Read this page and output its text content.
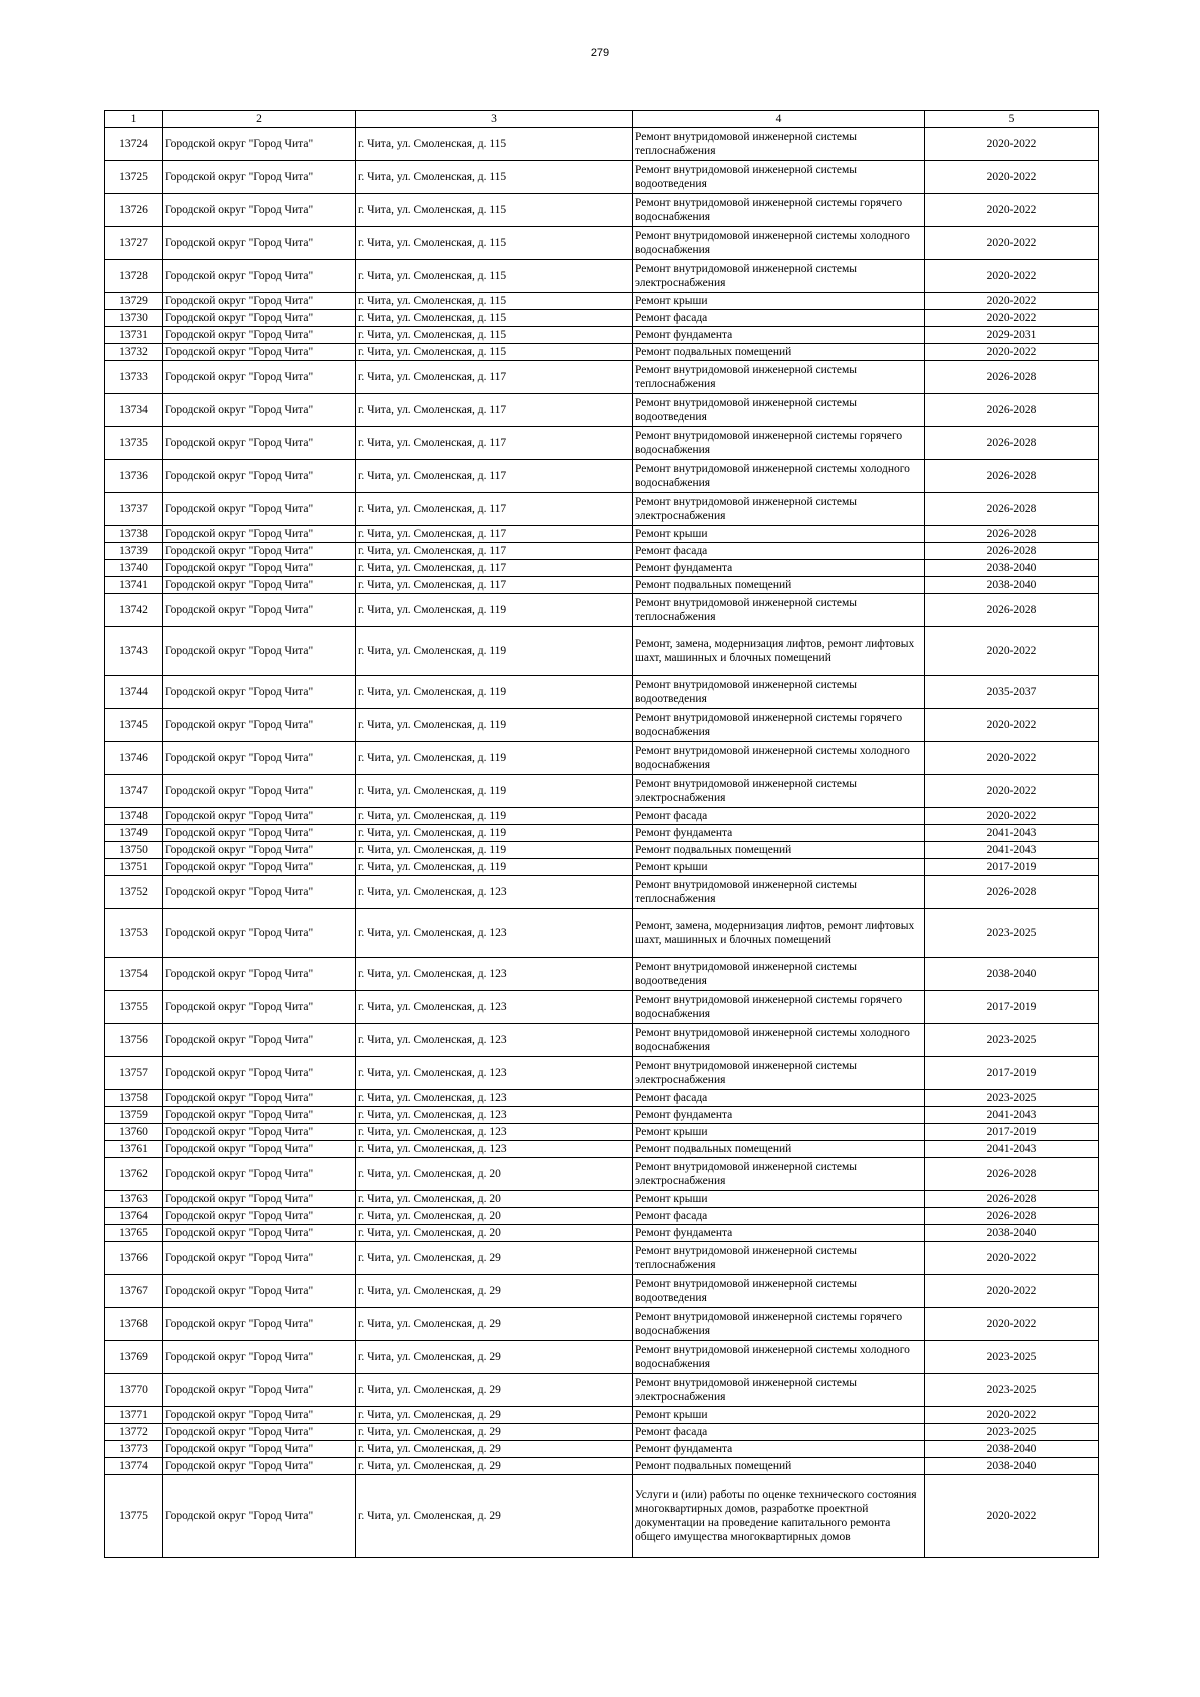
279
1	2	3	4	5
13724	Городской округ "Город Чита"	г. Чита, ул. Смоленская, д. 115	Ремонт внутридомовой инженерной системы теплоснабжения	2020-2022
13725	Городской округ "Город Чита"	г. Чита, ул. Смоленская, д. 115	Ремонт внутридомовой инженерной системы водоотведения	2020-2022
13726	Городской округ "Город Чита"	г. Чита, ул. Смоленская, д. 115	Ремонт внутридомовой инженерной системы горячего водоснабжения	2020-2022
13727	Городской округ "Город Чита"	г. Чита, ул. Смоленская, д. 115	Ремонт внутридомовой инженерной системы холодного водоснабжения	2020-2022
13728	Городской округ "Город Чита"	г. Чита, ул. Смоленская, д. 115	Ремонт внутридомовой инженерной системы электроснабжения	2020-2022
13729	Городской округ "Город Чита"	г. Чита, ул. Смоленская, д. 115	Ремонт крыши	2020-2022
13730	Городской округ "Город Чита"	г. Чита, ул. Смоленская, д. 115	Ремонт фасада	2020-2022
13731	Городской округ "Город Чита"	г. Чита, ул. Смоленская, д. 115	Ремонт фундамента	2029-2031
13732	Городской округ "Город Чита"	г. Чита, ул. Смоленская, д. 115	Ремонт подвальных помещений	2020-2022
13733	Городской округ "Город Чита"	г. Чита, ул. Смоленская, д. 117	Ремонт внутридомовой инженерной системы теплоснабжения	2026-2028
13734	Городской округ "Город Чита"	г. Чита, ул. Смоленская, д. 117	Ремонт внутридомовой инженерной системы водоотведения	2026-2028
13735	Городской округ "Город Чита"	г. Чита, ул. Смоленская, д. 117	Ремонт внутридомовой инженерной системы горячего водоснабжения	2026-2028
13736	Городской округ "Город Чита"	г. Чита, ул. Смоленская, д. 117	Ремонт внутридомовой инженерной системы холодного водоснабжения	2026-2028
13737	Городской округ "Город Чита"	г. Чита, ул. Смоленская, д. 117	Ремонт внутридомовой инженерной системы электроснабжения	2026-2028
13738	Городской округ "Город Чита"	г. Чита, ул. Смоленская, д. 117	Ремонт крыши	2026-2028
13739	Городской округ "Город Чита"	г. Чита, ул. Смоленская, д. 117	Ремонт фасада	2026-2028
13740	Городской округ "Город Чита"	г. Чита, ул. Смоленская, д. 117	Ремонт фундамента	2038-2040
13741	Городской округ "Город Чита"	г. Чита, ул. Смоленская, д. 117	Ремонт подвальных помещений	2038-2040
13742	Городской округ "Город Чита"	г. Чита, ул. Смоленская, д. 119	Ремонт внутридомовой инженерной системы теплоснабжения	2026-2028
13743	Городской округ "Город Чита"	г. Чита, ул. Смоленская, д. 119	Ремонт, замена, модернизация лифтов, ремонт лифтовых шахт, машинных и блочных помещений	2020-2022
13744	Городской округ "Город Чита"	г. Чита, ул. Смоленская, д. 119	Ремонт внутридомовой инженерной системы водоотведения	2035-2037
13745	Городской округ "Город Чита"	г. Чита, ул. Смоленская, д. 119	Ремонт внутридомовой инженерной системы горячего водоснабжения	2020-2022
13746	Городской округ "Город Чита"	г. Чита, ул. Смоленская, д. 119	Ремонт внутридомовой инженерной системы холодного водоснабжения	2020-2022
13747	Городской округ "Город Чита"	г. Чита, ул. Смоленская, д. 119	Ремонт внутридомовой инженерной системы электроснабжения	2020-2022
13748	Городской округ "Город Чита"	г. Чита, ул. Смоленская, д. 119	Ремонт фасада	2020-2022
13749	Городской округ "Город Чита"	г. Чита, ул. Смоленская, д. 119	Ремонт фундамента	2041-2043
13750	Городской округ "Город Чита"	г. Чита, ул. Смоленская, д. 119	Ремонт подвальных помещений	2041-2043
13751	Городской округ "Город Чита"	г. Чита, ул. Смоленская, д. 119	Ремонт крыши	2017-2019
13752	Городской округ "Город Чита"	г. Чита, ул. Смоленская, д. 123	Ремонт внутридомовой инженерной системы теплоснабжения	2026-2028
13753	Городской округ "Город Чита"	г. Чита, ул. Смоленская, д. 123	Ремонт, замена, модернизация лифтов, ремонт лифтовых шахт, машинных и блочных помещений	2023-2025
13754	Городской округ "Город Чита"	г. Чита, ул. Смоленская, д. 123	Ремонт внутридомовой инженерной системы водоотведения	2038-2040
13755	Городской округ "Город Чита"	г. Чита, ул. Смоленская, д. 123	Ремонт внутридомовой инженерной системы горячего водоснабжения	2017-2019
13756	Городской округ "Город Чита"	г. Чита, ул. Смоленская, д. 123	Ремонт внутридомовой инженерной системы холодного водоснабжения	2023-2025
13757	Городской округ "Город Чита"	г. Чита, ул. Смоленская, д. 123	Ремонт внутридомовой инженерной системы электроснабжения	2017-2019
13758	Городской округ "Город Чита"	г. Чита, ул. Смоленская, д. 123	Ремонт фасада	2023-2025
13759	Городской округ "Город Чита"	г. Чита, ул. Смоленская, д. 123	Ремонт фундамента	2041-2043
13760	Городской округ "Город Чита"	г. Чита, ул. Смоленская, д. 123	Ремонт крыши	2017-2019
13761	Городской округ "Город Чита"	г. Чита, ул. Смоленская, д. 123	Ремонт подвальных помещений	2041-2043
13762	Городской округ "Город Чита"	г. Чита, ул. Смоленская, д. 20	Ремонт внутридомовой инженерной системы электроснабжения	2026-2028
13763	Городской округ "Город Чита"	г. Чита, ул. Смоленская, д. 20	Ремонт крыши	2026-2028
13764	Городской округ "Город Чита"	г. Чита, ул. Смоленская, д. 20	Ремонт фасада	2026-2028
13765	Городской округ "Город Чита"	г. Чита, ул. Смоленская, д. 20	Ремонт фундамента	2038-2040
13766	Городской округ "Город Чита"	г. Чита, ул. Смоленская, д. 29	Ремонт внутридомовой инженерной системы теплоснабжения	2020-2022
13767	Городской округ "Город Чита"	г. Чита, ул. Смоленская, д. 29	Ремонт внутридомовой инженерной системы водоотведения	2020-2022
13768	Городской округ "Город Чита"	г. Чита, ул. Смоленская, д. 29	Ремонт внутридомовой инженерной системы горячего водоснабжения	2020-2022
13769	Городской округ "Город Чита"	г. Чита, ул. Смоленская, д. 29	Ремонт внутридомовой инженерной системы холодного водоснабжения	2023-2025
13770	Городской округ "Город Чита"	г. Чита, ул. Смоленская, д. 29	Ремонт внутридомовой инженерной системы электроснабжения	2023-2025
13771	Городской округ "Город Чита"	г. Чита, ул. Смоленская, д. 29	Ремонт крыши	2020-2022
13772	Городской округ "Город Чита"	г. Чита, ул. Смоленская, д. 29	Ремонт фасада	2023-2025
13773	Городской округ "Город Чита"	г. Чита, ул. Смоленская, д. 29	Ремонт фундамента	2038-2040
13774	Городской округ "Город Чита"	г. Чита, ул. Смоленская, д. 29	Ремонт подвальных помещений	2038-2040
13775	Городской округ "Город Чита"	г. Чита, ул. Смоленская, д. 29	Услуги и (или) работы по оценке технического состояния многоквартирных домов, разработке проектной документации на проведение капитального ремонта общего имущества многоквартирных домов	2020-2022
